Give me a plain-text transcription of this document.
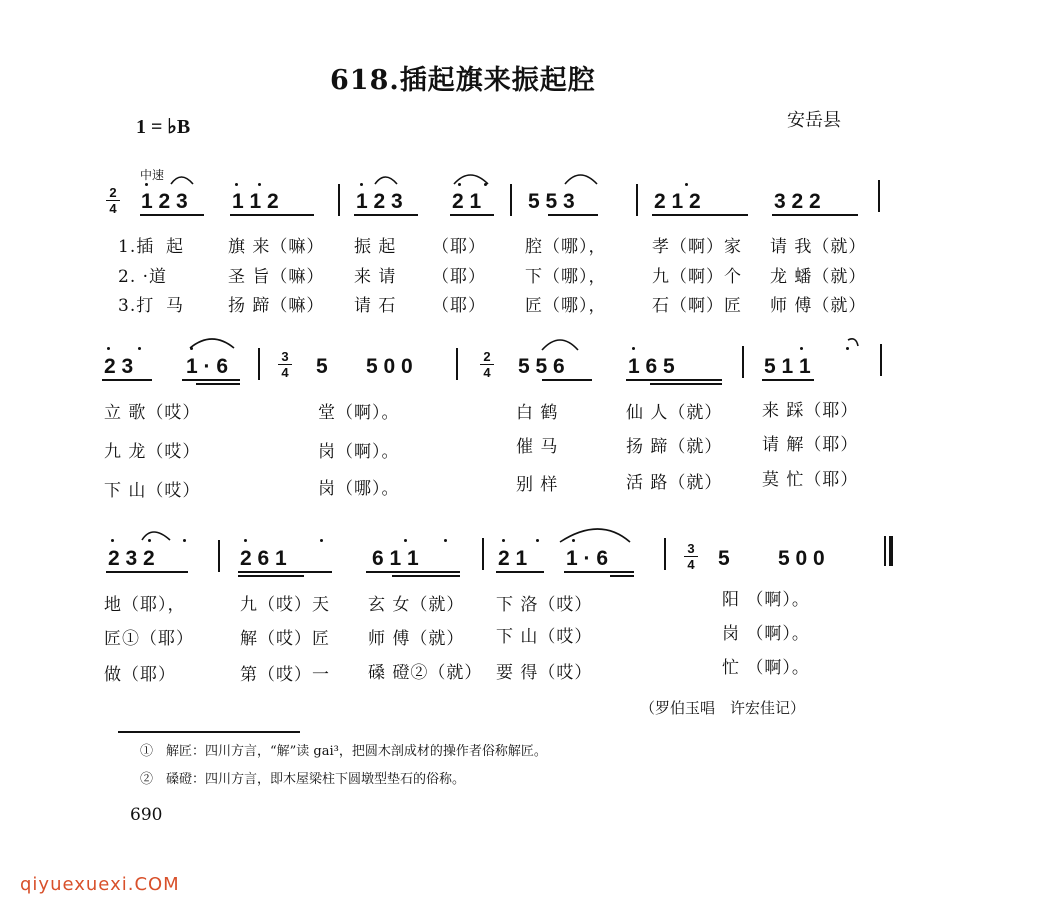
618.插起旗来振起腔
1 = ♭B	安岳县
中速
2
4 1 2 3 1 1 2	1 2 3 2 1 5 5 3	2 1 2	3 2 2
1.插 起	旗 来（嘛） 振 起 （耶） 腔（哪），	孝（啊）家 请 我（就）
2. ·道	圣 旨（嘛） 来 请 （耶） 下（哪），	九（啊）个 龙 蟠（就）
3.打 马	扬 蹄（嘛） 请 石 （耶） 匠（哪），	石（啊）匠 师 傅（就）
2 3	1 · 6	3
4 5 5 0 0	2
4 5 5 6	1 6 5	5 1 1
立 歌（哎）	堂（啊）。	白 鹤	仙 人（就） 来 踩（耶）
九 龙（哎）	岗（啊）。	催 马	扬 蹄（就） 请 解（耶）
下 山（哎）	岗（哪）。	别 样	活 路（就） 莫 忙（耶）
2 3 2	2 6 1	6 1 1	2 1 1 · 6	3
4 5 5 0 0
地（耶），	九（哎）天 玄 女（就） 下 洛（哎）	阳 （啊）。
匠①（耶）	解（哎）匠 师 傅（就） 下 山（哎）	岗 （啊）。
做（耶）	第（哎）一 磉 磴②（就） 要 得（哎）	忙 （啊）。
（罗伯玉唱　许宏佳记）
①　解匠：四川方言，“解”读 gai³，把圆木剖成材的操作者俗称解匠。
②　磉磴：四川方言，即木屋梁柱下圆墩型垫石的俗称。
690
qiyuexuexi.COM
